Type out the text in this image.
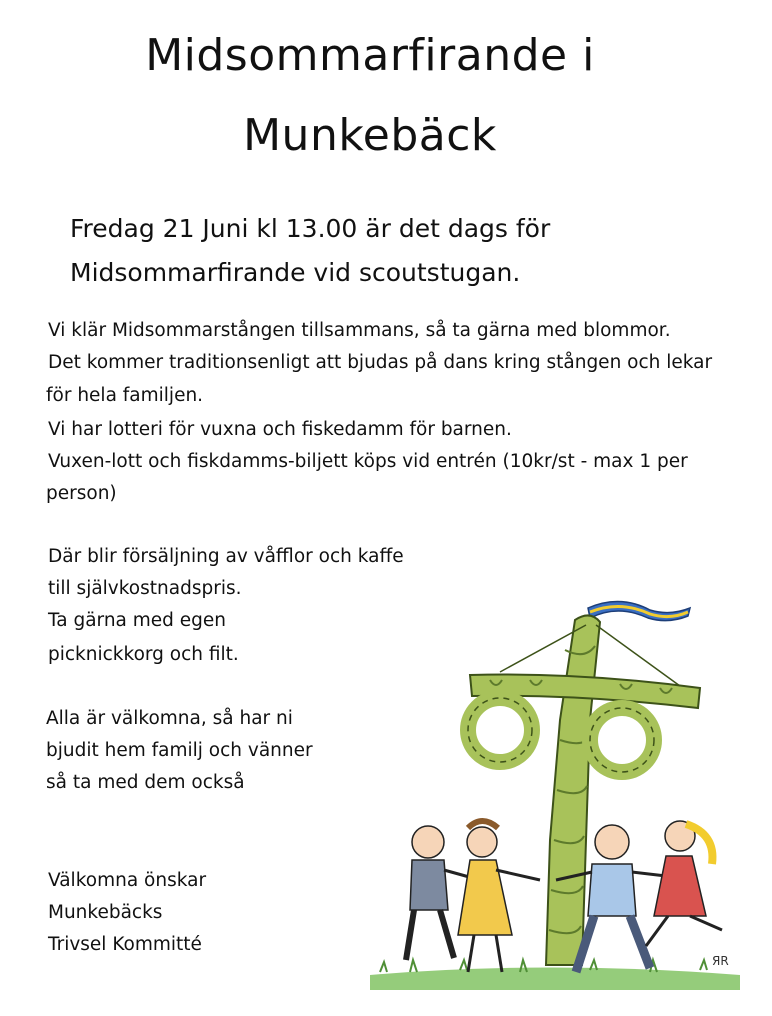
Midsommarfirande i
Munkebäck

Fredag 21 Juni kl 13.00 är det dags för

Midsommarfirande vid scoutstugan.

Vi klär Midsommarstången tillsammans, så ta gärna med blommor.

Det kommer traditionsenligt att bjudas på dans kring stången och lekar

för hela familjen.

Vi har lotteri för vuxna och fiskedamm för barnen.

Vuxen-lott och fiskdamms-biljett köps vid entrén (10kr/st - max 1 per

person)

Där blir försäljning av våfflor och kaffe

till självkostnadspris.

Ta gärna med egen

picknickkorg och filt.

Alla är välkomna, så har ni

bjudit hem familj och vänner

så ta med dem också

Välkomna önskar

Munkebäcks

Trivsel Kommitté

ЯR
